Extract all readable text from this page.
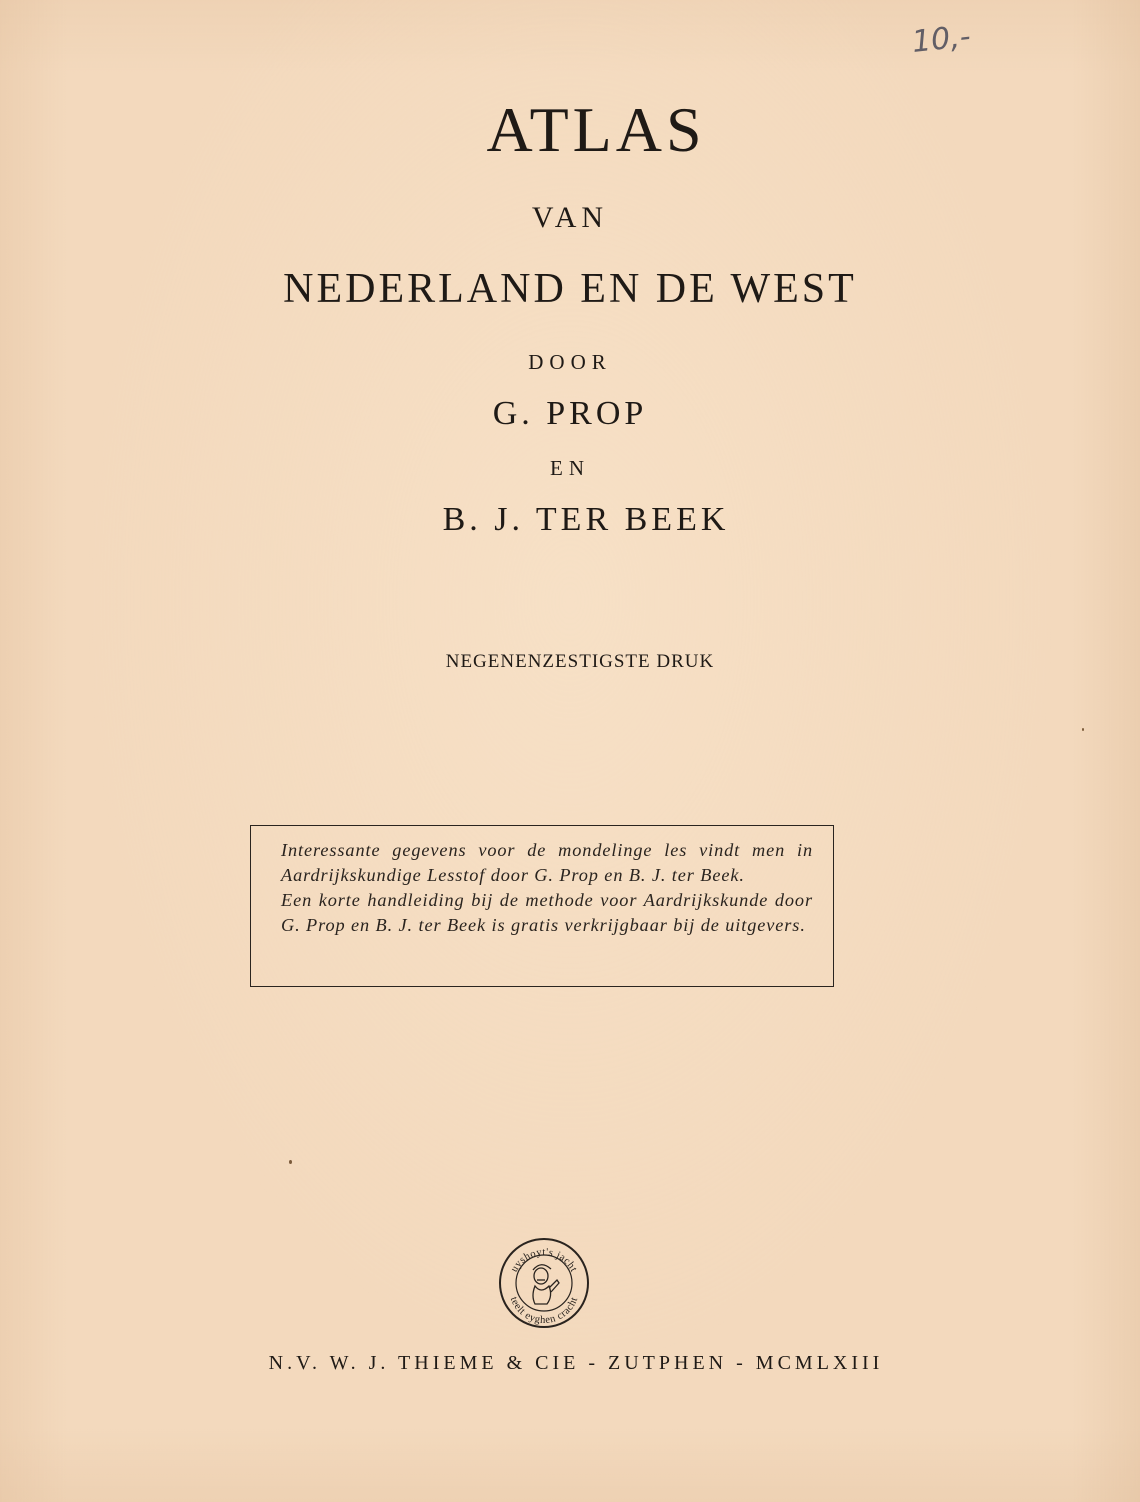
10,-
ATLAS
VAN
NEDERLAND EN DE WEST
DOOR
G. PROP
EN
B. J. TER BEEK
NEGENENZESTIGSTE DRUK

Interessante gegevens voor de mondelinge les vindt men in Aardrijkskundige Lesstof door G. Prop en B. J. ter Beek.

Een korte handleiding bij de methode voor Aardrijkskunde door G. Prop en B. J. ter Beek is gratis verkrijgbaar bij de uitgevers.

uyshoyt's jacht
teelt eyghen cracht
N.V. W. J. THIEME & CIE - ZUTPHEN - MCMLXIII
